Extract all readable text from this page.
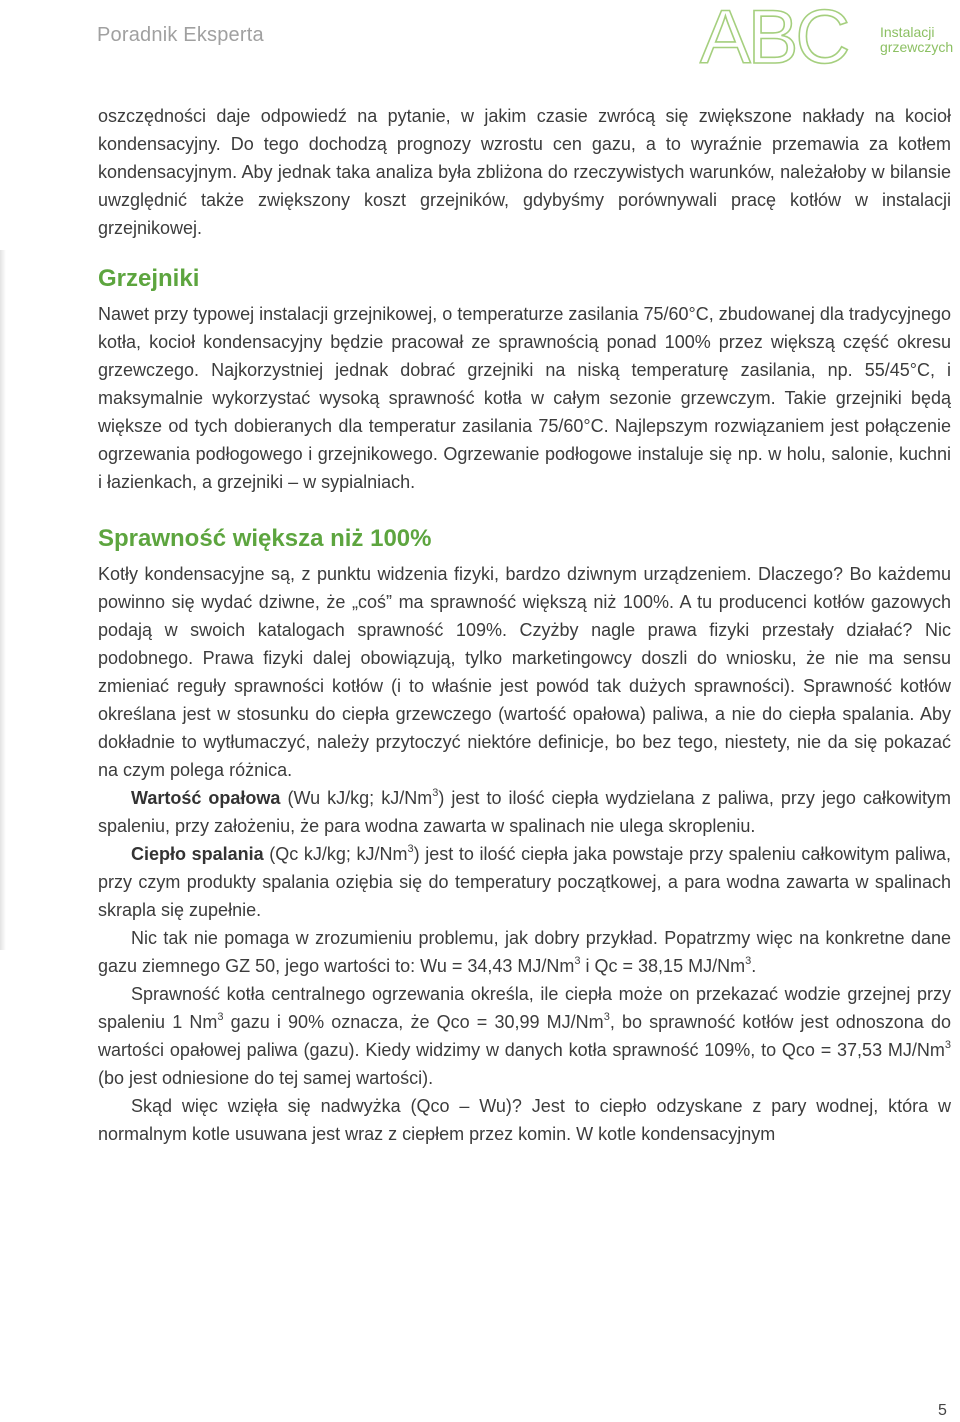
Poradnik Eksperta	ABC Instalacji
grzewczych

oszczędności daje odpowiedź na pytanie, w jakim czasie zwrócą się zwiększone nakłady na kocioł kondensacyjny. Do tego dochodzą prognozy wzrostu cen gazu, a to wyraźnie przemawia za kotłem kondensacyjnym. Aby jednak taka analiza była zbliżona do rzeczywistych warunków, należałoby w bilansie uwzględnić także zwiększony koszt grzejników, gdybyśmy porównywali pracę kotłów w instalacji grzejnikowej.

Grzejniki

Nawet przy typowej instalacji grzejnikowej, o temperaturze zasilania 75/60°C, zbudowanej dla tradycyjnego kotła, kocioł kondensacyjny będzie pracował ze sprawnością ponad 100% przez większą część okresu grzewczego. Najkorzystniej jednak dobrać grzejniki na niską temperaturę zasilania, np. 55/45°C, i maksymalnie wykorzystać wysoką sprawność kotła w całym sezonie grzewczym. Takie grzejniki będą większe od tych dobieranych dla temperatur zasilania 75/60°C. Najlepszym rozwiązaniem jest połączenie ogrzewania podłogowego i grzejnikowego. Ogrzewanie podłogowe instaluje się np. w holu, salonie, kuchni i łazienkach, a grzejniki – w sypialniach.

Sprawność większa niż 100%

Kotły kondensacyjne są, z punktu widzenia fizyki, bardzo dziwnym urządzeniem. Dlaczego? Bo każdemu powinno się wydać dziwne, że „coś” ma sprawność większą niż 100%. A tu producenci kotłów gazowych podają w swoich katalogach sprawność 109%. Czyżby nagle prawa fizyki przestały działać? Nic podobnego. Prawa fizyki dalej obowiązują, tylko marketingowcy doszli do wniosku, że nie ma sensu zmieniać reguły sprawności kotłów (i to właśnie jest powód tak dużych sprawności). Sprawność kotłów określana jest w stosunku do ciepła grzewczego (wartość opałowa) paliwa, a nie do ciepła spalania. Aby dokładnie to wytłumaczyć, należy przytoczyć niektóre definicje, bo bez tego, niestety, nie da się pokazać na czym polega różnica.

Wartość opałowa (Wu kJ/kg; kJ/Nm$^3$) jest to ilość ciepła wydzielana z paliwa, przy jego całkowitym spaleniu, przy założeniu, że para wodna zawarta w spalinach nie ulega skropleniu.

Ciepło spalania (Qc kJ/kg; kJ/Nm$^3$) jest to ilość ciepła jaka powstaje przy spaleniu całkowitym paliwa, przy czym produkty spalania oziębia się do temperatury początkowej, a para wodna zawarta w spalinach skrapla się zupełnie.

Nic tak nie pomaga w zrozumieniu problemu, jak dobry przykład. Popatrzmy więc na konkretne dane gazu ziemnego GZ 50, jego wartości to: Wu = 34,43 MJ/Nm$^3$ i Qc = 38,15 MJ/Nm$^3$.

Sprawność kotła centralnego ogrzewania określa, ile ciepła może on przekazać wodzie grzejnej przy spaleniu 1 Nm$^3$ gazu i 90% oznacza, że Qco = 30,99 MJ/Nm$^3$, bo sprawność kotłów jest odnoszona do wartości opałowej paliwa (gazu). Kiedy widzimy w danych kotła sprawność 109%, to Qco = 37,53 MJ/Nm$^3$ (bo jest odniesione do tej samej wartości).

Skąd więc wzięła się nadwyżka (Qco – Wu)? Jest to ciepło odzyskane z pary wodnej, która w normalnym kotle usuwana jest wraz z ciepłem przez komin. W kotle kondensacyjnym

5
